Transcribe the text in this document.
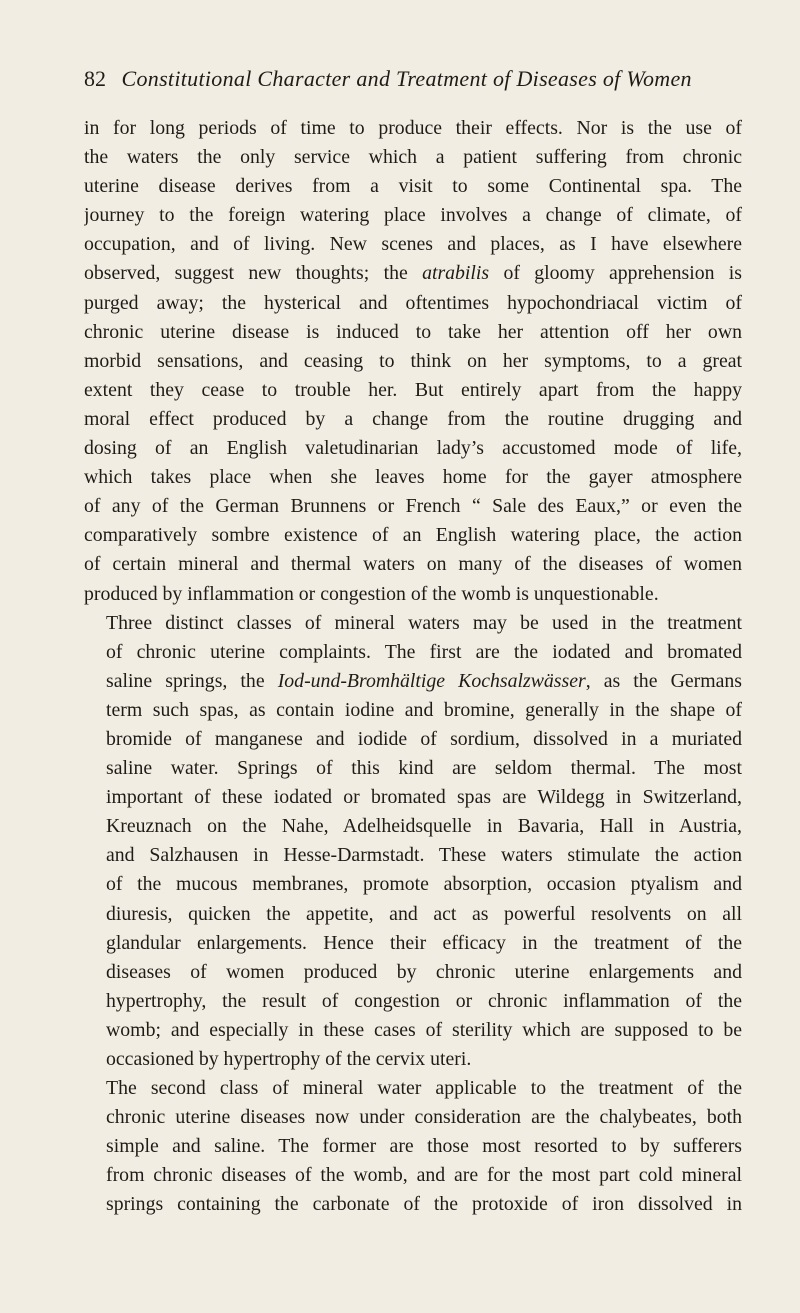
82 Constitutional Character and Treatment of Diseases of Women
in for long periods of time to produce their effects. Nor is the use of
the waters the only service which a patient suffering from chronic
uterine disease derives from a visit to some Continental spa. The
journey to the foreign watering place involves a change of climate, of
occupation, and of living. New scenes and places, as I have elsewhere
observed, suggest new thoughts; the atrabilis of gloomy apprehension is
purged away; the hysterical and oftentimes hypochondriacal victim of
chronic uterine disease is induced to take her attention off her own
morbid sensations, and ceasing to think on her symptoms, to a great
extent they cease to trouble her. But entirely apart from the happy
moral effect produced by a change from the routine drugging and
dosing of an English valetudinarian lady’s accustomed mode of life,
which takes place when she leaves home for the gayer atmosphere
of any of the German Brunnens or French “ Sale des Eaux,” or even the
comparatively sombre existence of an English watering place, the action
of certain mineral and thermal waters on many of the diseases of women
produced by inflammation or congestion of the womb is unquestionable.
Three distinct classes of mineral waters may be used in the treatment
of chronic uterine complaints. The first are the iodated and bromated
saline springs, the Iod-und-Bromhältige Kochsalzwässer, as the Germans
term such spas, as contain iodine and bromine, generally in the shape of
bromide of manganese and iodide of sordium, dissolved in a muriated
saline water. Springs of this kind are seldom thermal. The most
important of these iodated or bromated spas are Wildegg in Switzerland,
Kreuznach on the Nahe, Adelheidsquelle in Bavaria, Hall in Austria,
and Salzhausen in Hesse-Darmstadt. These waters stimulate the action
of the mucous membranes, promote absorption, occasion ptyalism and
diuresis, quicken the appetite, and act as powerful resolvents on all
glandular enlargements. Hence their efficacy in the treatment of the
diseases of women produced by chronic uterine enlargements and
hypertrophy, the result of congestion or chronic inflammation of the
womb; and especially in these cases of sterility which are supposed to be
occasioned by hypertrophy of the cervix uteri.
The second class of mineral water applicable to the treatment of the
chronic uterine diseases now under consideration are the chalybeates, both
simple and saline. The former are those most resorted to by sufferers
from chronic diseases of the womb, and are for the most part cold mineral
springs containing the carbonate of the protoxide of iron dissolved in
